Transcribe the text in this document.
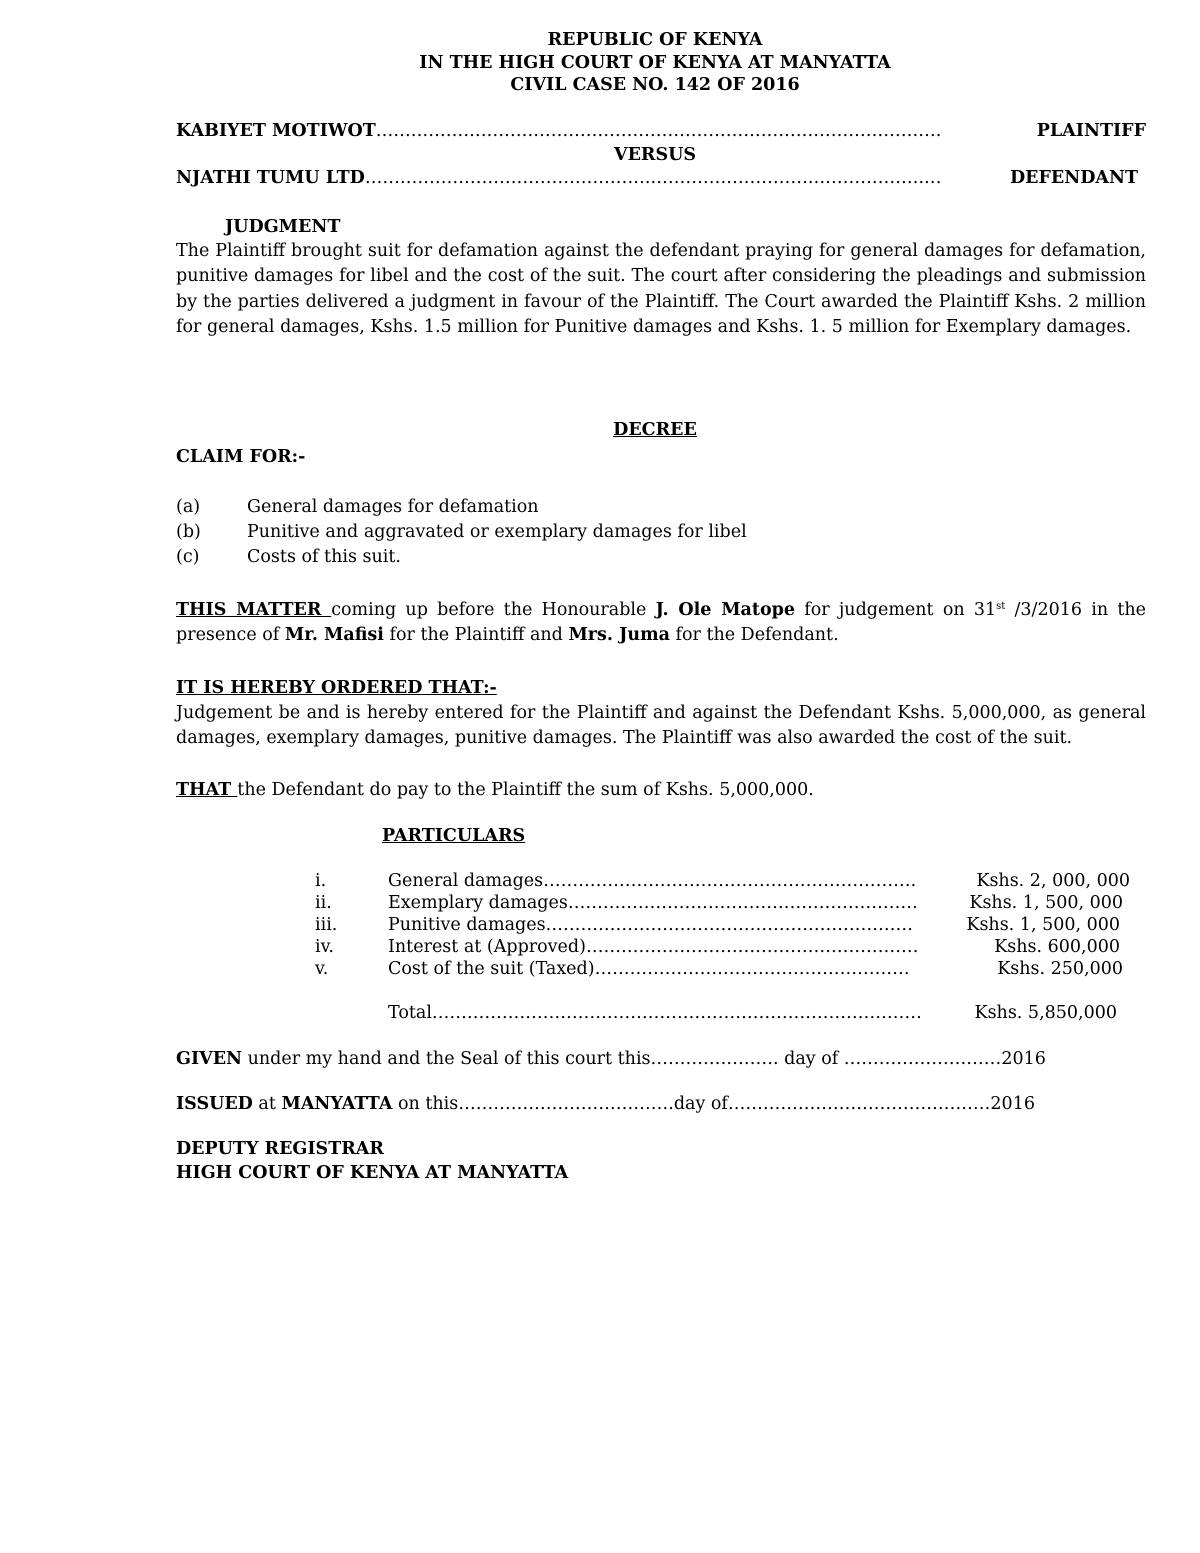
REPUBLIC OF KENYA
IN THE HIGH COURT OF KENYA AT MANYATTA
CIVIL CASE NO. 142 OF 2016
KABIYET MOTIWOT…………………………………………………………………………………….	PLAINTIFF
VERSUS
NJATHI TUMU LTD………………………………………….……………………….……………….…	DEFENDANT
JUDGMENT
The Plaintiff brought suit for defamation against the defendant praying for general damages for defamation, punitive damages for libel and the cost of the suit. The court after considering the pleadings and submission by the parties delivered a judgment in favour of the Plaintiff. The Court awarded the Plaintiff Kshs. 2 million for general damages, Kshs. 1.5 million for Punitive damages and Kshs. 1. 5 million for Exemplary damages.
DECREE
CLAIM FOR:-
(a)	General damages for defamation
(b)	Punitive and aggravated or exemplary damages for libel
(c)	Costs of this suit.
THIS MATTER coming up before the Honourable J. Ole Matope for judgement on 31st /3/2016 in the presence of Mr. Mafisi for the Plaintiff and Mrs. Juma for the Defendant.
IT IS HEREBY ORDERED THAT:-
Judgement be and is hereby entered for the Plaintiff and against the Defendant Kshs. 5,000,000, as general damages, exemplary damages, punitive damages. The Plaintiff was also awarded the cost of the suit.
THAT the Defendant do pay to the Plaintiff the sum of Kshs. 5,000,000.
PARTICULARS
i.	General damages……………………………………………………….	Kshs. 2, 000, 000
ii.	Exemplary damages……………………………………………………	Kshs. 1, 500, 000
iii.	Punitive damages………………………………………………………	Kshs. 1, 500, 000
iv.	Interest at (Approved)…………………………………………………	Kshs. 600,000
v.	Cost of the suit (Taxed)………………………………………………	Kshs. 250,000
Total…………………………………………………………………………	Kshs. 5,850,000
GIVEN under my hand and the Seal of this court this…………………. day of ………………………2016
ISSUED at MANYATTA on this……………………………….day of………………………………………2016
DEPUTY REGISTRAR
HIGH COURT OF KENYA AT MANYATTA
